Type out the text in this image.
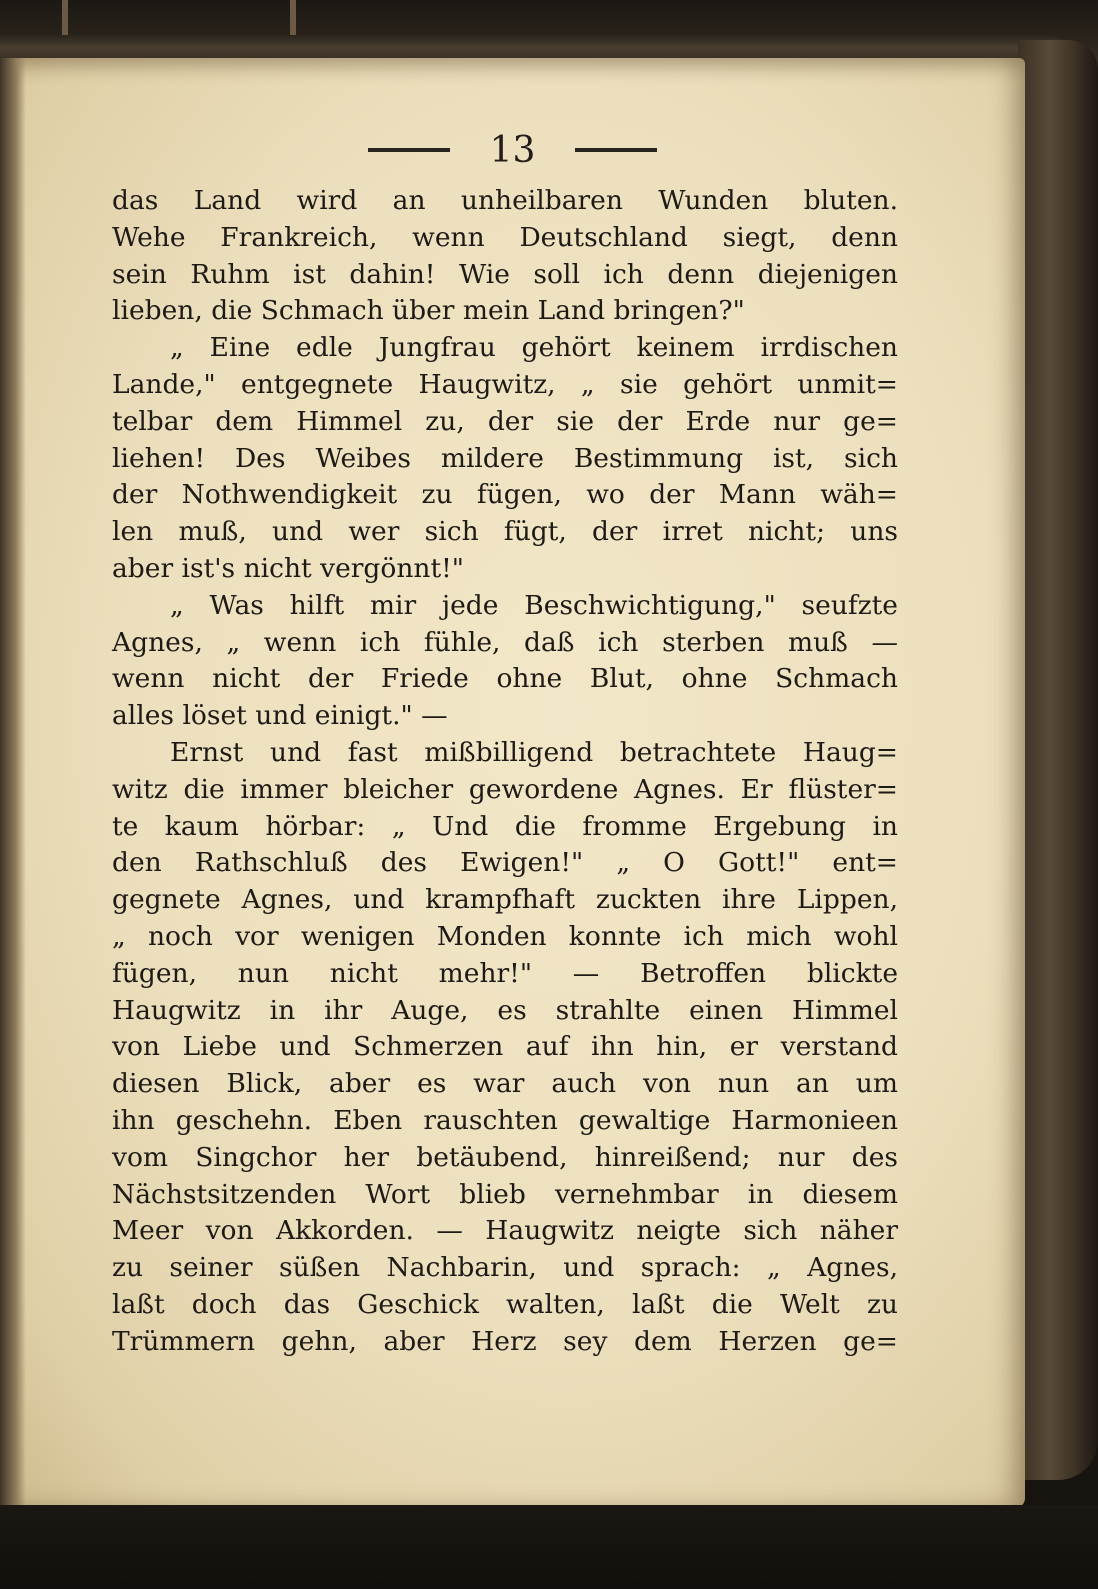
13
das Land wird an unheilbaren Wunden bluten.
Wehe Frankreich, wenn Deutschland siegt, denn
sein Ruhm ist dahin! Wie soll ich denn diejenigen
lieben, die Schmach über mein Land bringen?"
„ Eine edle Jungfrau gehört keinem irrdischen
Lande," entgegnete Haugwitz, „ sie gehört unmit=
telbar dem Himmel zu, der sie der Erde nur ge=
liehen! Des Weibes mildere Bestimmung ist, sich
der Nothwendigkeit zu fügen, wo der Mann wäh=
len muß, und wer sich fügt, der irret nicht; uns
aber ist's nicht vergönnt!"
„ Was hilft mir jede Beschwichtigung," seufzte
Agnes, „ wenn ich fühle, daß ich sterben muß —
wenn nicht der Friede ohne Blut, ohne Schmach
alles löset und einigt." —
Ernst und fast mißbilligend betrachtete Haug=
witz die immer bleicher gewordene Agnes. Er flüster=
te kaum hörbar: „ Und die fromme Ergebung in
den Rathschluß des Ewigen!" „ O Gott!" ent=
gegnete Agnes, und krampfhaft zuckten ihre Lippen,
„ noch vor wenigen Monden konnte ich mich wohl
fügen, nun nicht mehr!" — Betroffen blickte
Haugwitz in ihr Auge, es strahlte einen Himmel
von Liebe und Schmerzen auf ihn hin, er verstand
diesen Blick, aber es war auch von nun an um
ihn geschehn. Eben rauschten gewaltige Harmonieen
vom Singchor her betäubend, hinreißend; nur des
Nächstsitzenden Wort blieb vernehmbar in diesem
Meer von Akkorden. — Haugwitz neigte sich näher
zu seiner süßen Nachbarin, und sprach: „ Agnes,
laßt doch das Geschick walten, laßt die Welt zu
Trümmern gehn, aber Herz sey dem Herzen ge=
